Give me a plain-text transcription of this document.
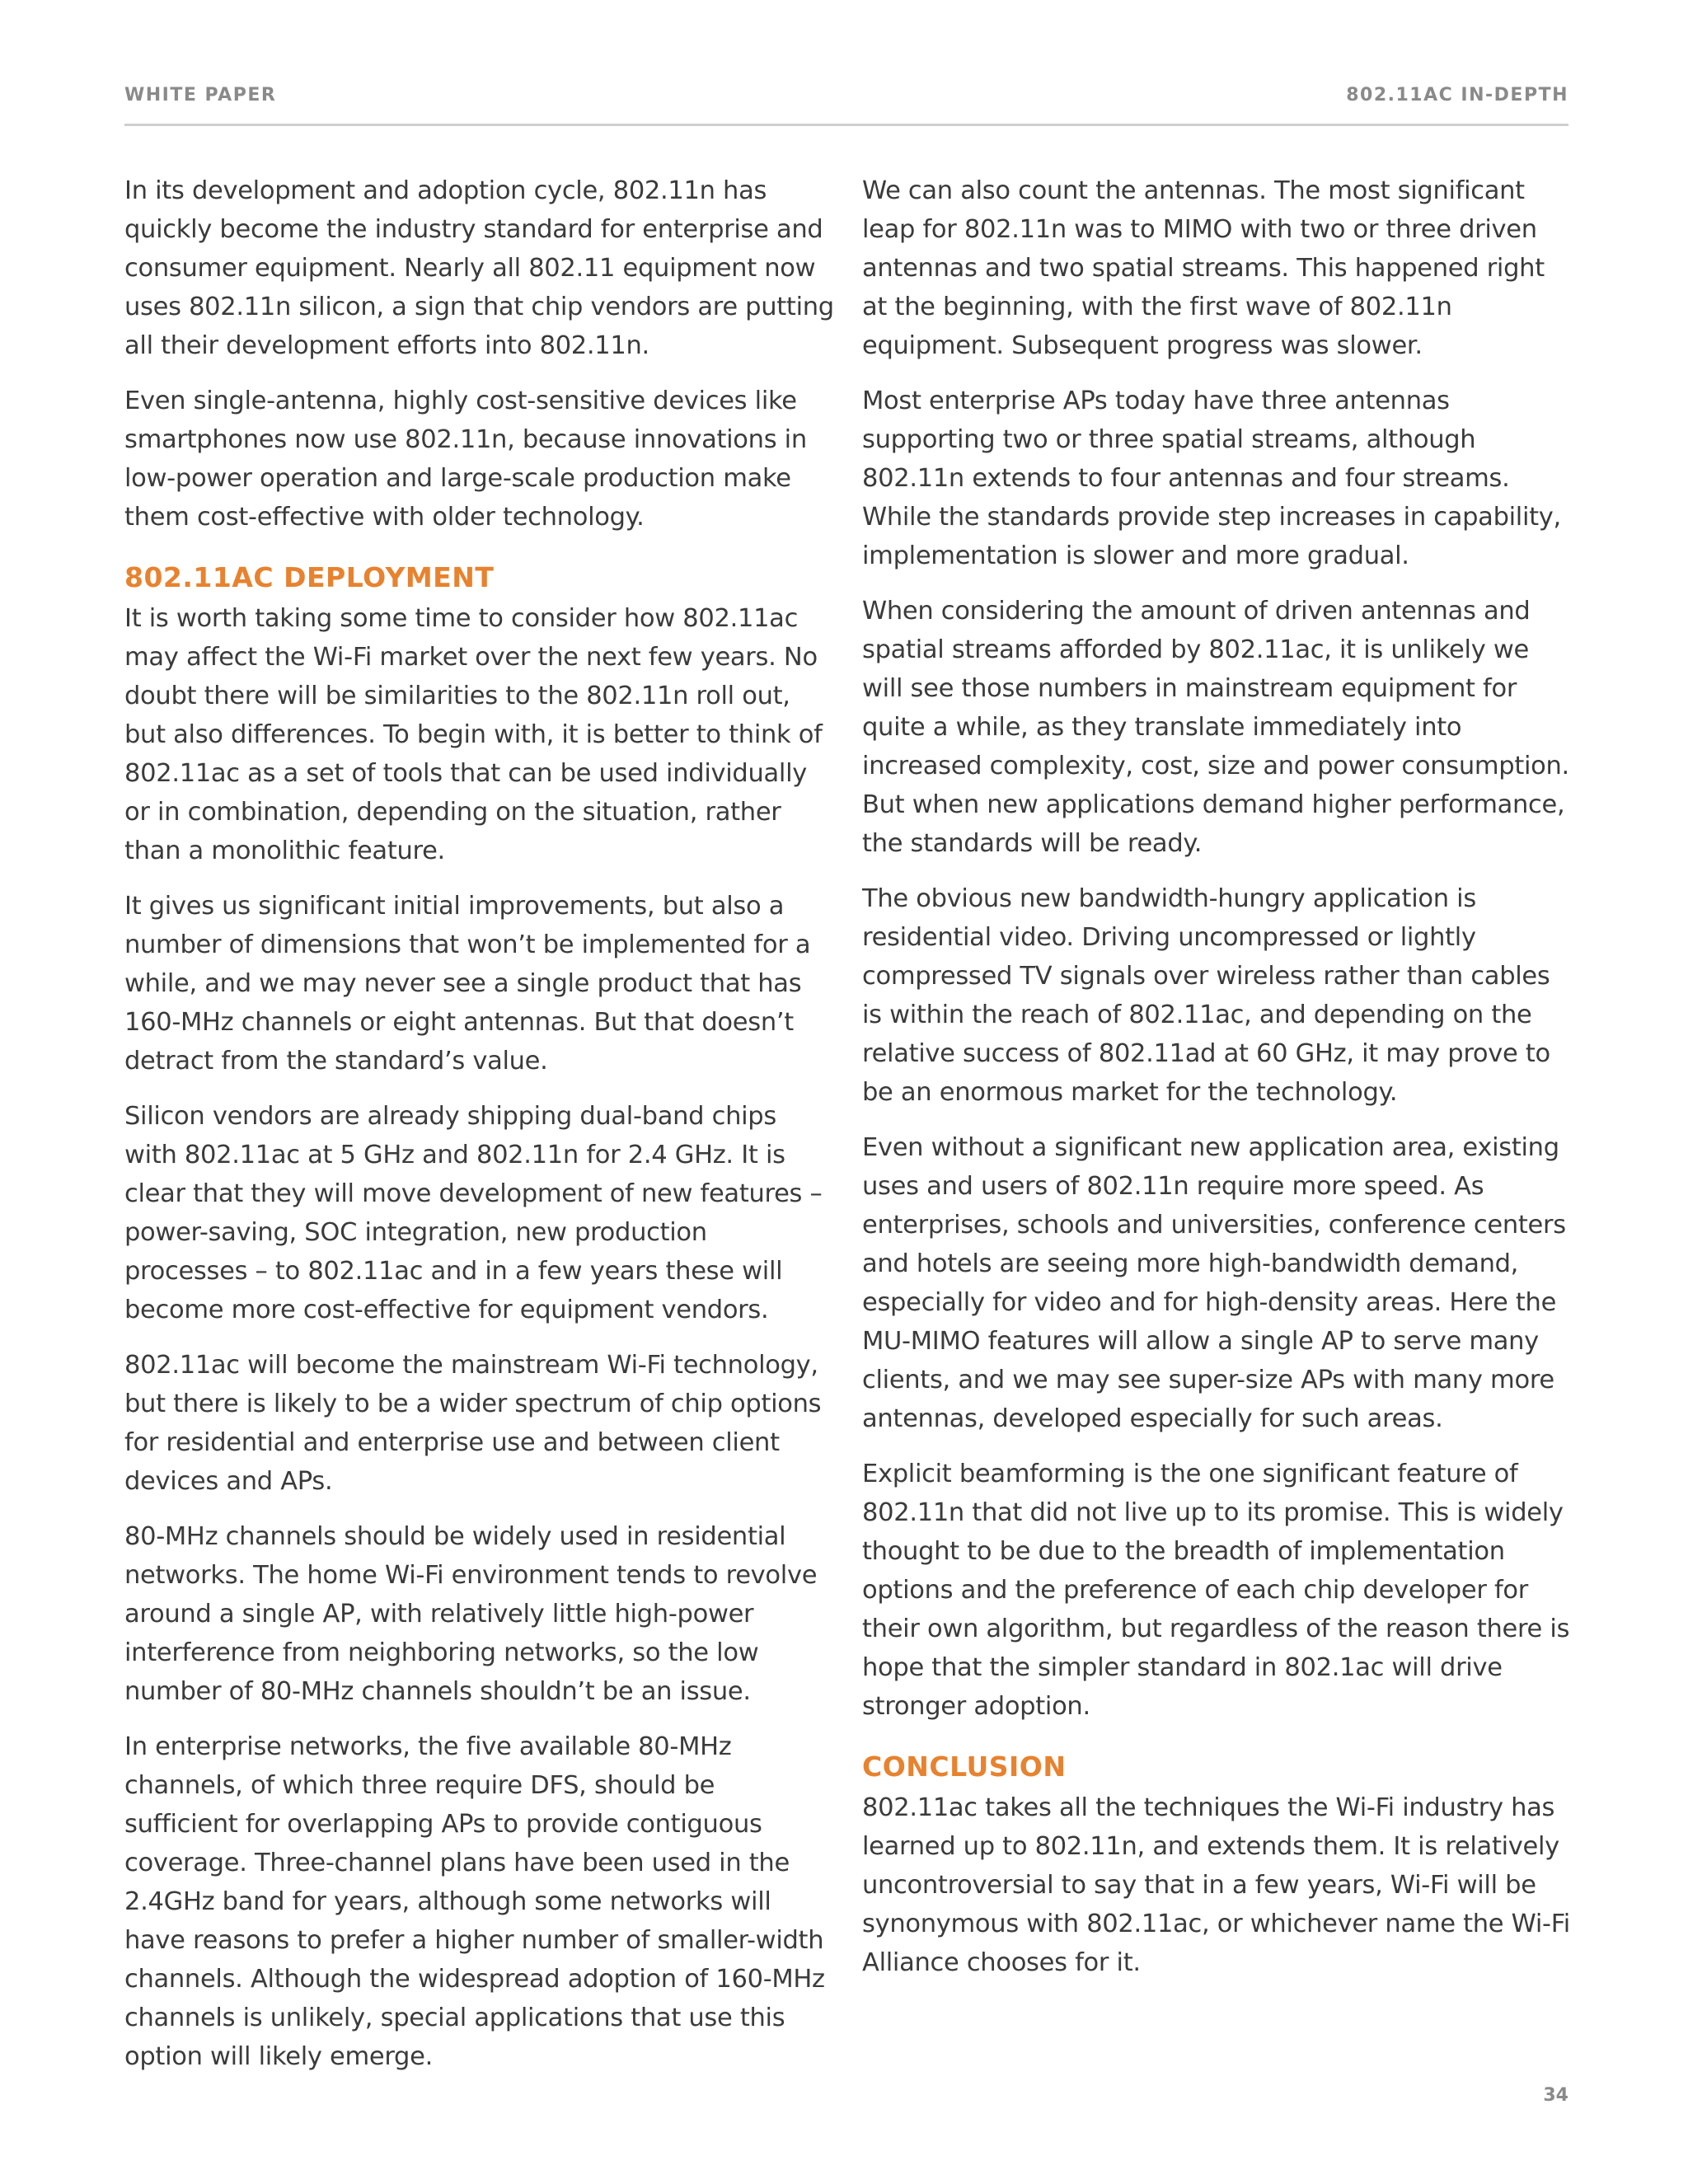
WHITE PAPER	802.11AC IN-DEPTH

In its development and adoption cycle, 802.11n has quickly become the industry standard for enterprise and consumer equipment. Nearly all 802.11 equipment now uses 802.11n silicon, a sign that chip vendors are putting all their development efforts into 802.11n.

Even single-antenna, highly cost-sensitive devices like smartphones now use 802.11n, because innovations in low-power operation and large-scale production make them cost-effective with older technology.

802.11AC DEPLOYMENT

It is worth taking some time to consider how 802.11ac may affect the Wi-Fi market over the next few years. No doubt there will be similarities to the 802.11n roll out, but also differences. To begin with, it is better to think of 802.11ac as a set of tools that can be used individually or in combination, depending on the situation, rather than a monolithic feature.

It gives us significant initial improvements, but also a number of dimensions that won’t be implemented for a while, and we may never see a single product that has 160-MHz channels or eight antennas. But that doesn’t detract from the standard’s value.

Silicon vendors are already shipping dual-band chips with 802.11ac at 5 GHz and 802.11n for 2.4 GHz. It is clear that they will move development of new features – power-saving, SOC integration, new production processes – to 802.11ac and in a few years these will become more cost-effective for equipment vendors.

802.11ac will become the mainstream Wi-Fi technology, but there is likely to be a wider spectrum of chip options for residential and enterprise use and between client devices and APs.

80-MHz channels should be widely used in residential networks. The home Wi-Fi environment tends to revolve around a single AP, with relatively little high-power interference from neighboring networks, so the low number of 80-MHz channels shouldn’t be an issue.

In enterprise networks, the five available 80-MHz channels, of which three require DFS, should be sufficient for overlapping APs to provide contiguous coverage. Three-channel plans have been used in the 2.4GHz band for years, although some networks will have reasons to prefer a higher number of smaller-width channels. Although the widespread adoption of 160-MHz channels is unlikely, special applications that use this option will likely emerge.

We can also count the antennas. The most significant leap for 802.11n was to MIMO with two or three driven antennas and two spatial streams. This happened right at the beginning, with the first wave of 802.11n equipment. Subsequent progress was slower.

Most enterprise APs today have three antennas supporting two or three spatial streams, although 802.11n extends to four antennas and four streams. While the standards provide step increases in capability, implementation is slower and more gradual.

When considering the amount of driven antennas and spatial streams afforded by 802.11ac, it is unlikely we will see those numbers in mainstream equipment for quite a while, as they translate immediately into increased complexity, cost, size and power consumption. But when new applications demand higher performance, the standards will be ready.

The obvious new bandwidth-hungry application is residential video. Driving uncompressed or lightly compressed TV signals over wireless rather than cables is within the reach of 802.11ac, and depending on the relative success of 802.11ad at 60 GHz, it may prove to be an enormous market for the technology.

Even without a significant new application area, existing uses and users of 802.11n require more speed. As enterprises, schools and universities, conference centers and hotels are seeing more high-bandwidth demand, especially for video and for high-density areas. Here the MU-MIMO features will allow a single AP to serve many clients, and we may see super-size APs with many more antennas, developed especially for such areas.

Explicit beamforming is the one significant feature of 802.11n that did not live up to its promise. This is widely thought to be due to the breadth of implementation options and the preference of each chip developer for their own algorithm, but regardless of the reason there is hope that the simpler standard in 802.1ac will drive stronger adoption.

CONCLUSION

802.11ac takes all the techniques the Wi-Fi industry has learned up to 802.11n, and extends them. It is relatively uncontroversial to say that in a few years, Wi-Fi will be synonymous with 802.11ac, or whichever name the Wi-Fi Alliance chooses for it.

34
